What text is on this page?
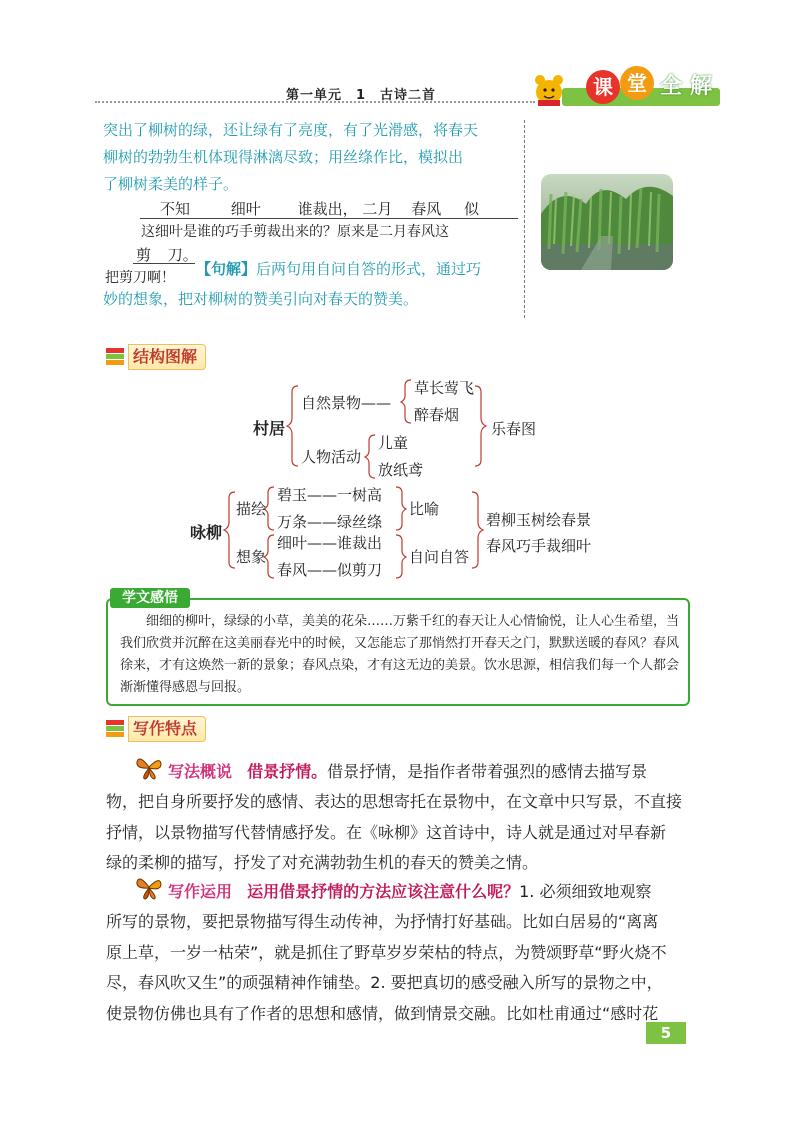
第一单元　1　古诗二首	课 堂 全 解
突出了柳树的绿，还让绿有了亮度，有了光滑感，将春天
柳树的勃勃生机体现得淋漓尽致；用丝绦作比，模拟出
了柳树柔美的样子。
不知	细叶 谁裁出， 二月 春风 似
这细叶是谁的巧手剪裁出来的？原来是二月春风这
剪 刀。
把剪刀啊！ 【句解】后两句用自问自答的形式，通过巧
妙的想象，把对柳树的赞美引向对春天的赞美。
结构图解
村居
自然景物——
草长莺飞
醉春烟
人物活动
儿童
放纸鸢
乐春图
咏柳
描绘
碧玉——一树高
万条——绿丝绦
比喻
想象
细叶——谁裁出
春风——似剪刀
自问自答
碧柳玉树绘春景
春风巧手裁细叶
学文感悟
细细的柳叶，绿绿的小草，美美的花朵……万紫千红的春天让人心情愉悦，让人心生希望，当我们欣赏并沉醉在这美丽春光中的时候，又怎能忘了那悄然打开春天之门，默默送暖的春风？春风徐来，才有这焕然一新的景象；春风点染，才有这无边的美景。饮水思源，相信我们每一个人都会渐渐懂得感恩与回报。
写作特点
写法概说 借景抒情。借景抒情，是指作者带着强烈的感情去描写景
物，把自身所要抒发的感情、表达的思想寄托在景物中，在文章中只写景，不直接
抒情，以景物描写代替情感抒发。在《咏柳》这首诗中，诗人就是通过对早春新
绿的柔柳的描写，抒发了对充满勃勃生机的春天的赞美之情。
写作运用 运用借景抒情的方法应该注意什么呢？1. 必须细致地观察
所写的景物，要把景物描写得生动传神，为抒情打好基础。比如白居易的“离离
原上草，一岁一枯荣”，就是抓住了野草岁岁荣枯的特点，为赞颂野草“野火烧不
尽，春风吹又生”的顽强精神作铺垫。2. 要把真切的感受融入所写的景物之中，
使景物仿佛也具有了作者的思想和感情，做到情景交融。比如杜甫通过“感时花
5
